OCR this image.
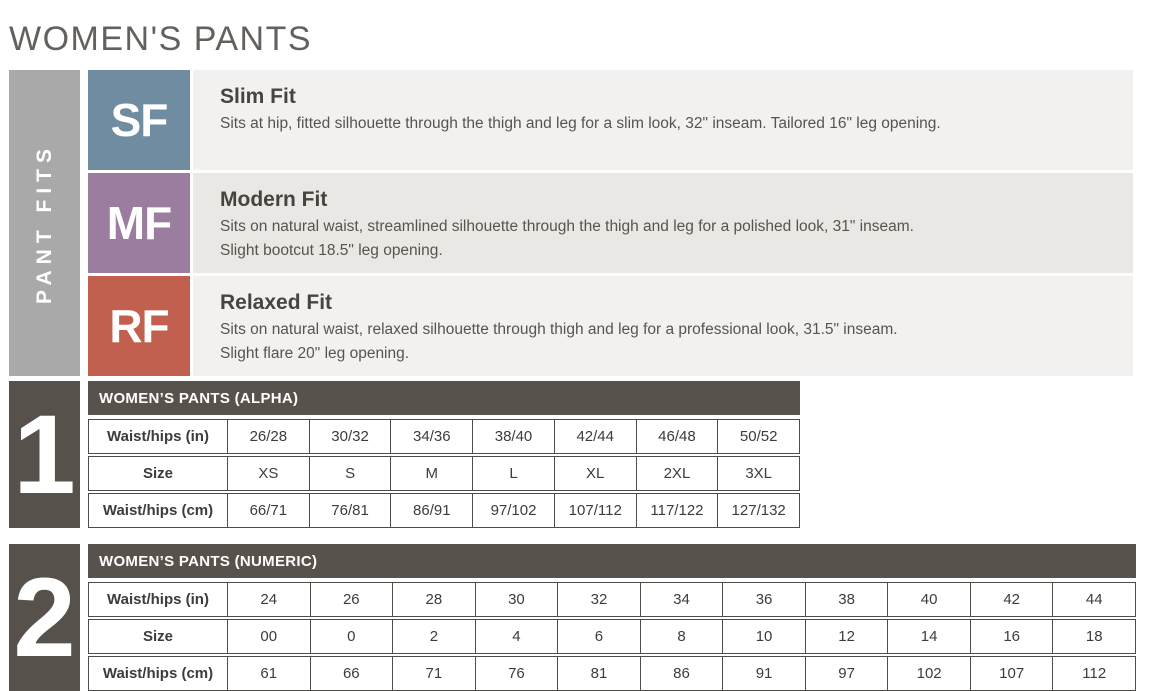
WOMEN'S PANTS
PANT FITS
SF	Slim Fit
Sits at hip, fitted silhouette through the thigh and leg for a slim look, 32" inseam. Tailored 16" leg opening.
MF	Modern Fit
Sits on natural waist, streamlined silhouette through the thigh and leg for a polished look, 31" inseam.
Slight bootcut 18.5" leg opening.
RF	Relaxed Fit
Sits on natural waist, relaxed silhouette through thigh and leg for a professional look, 31.5" inseam.
Slight flare 20" leg opening.
1	WOMEN’S PANTS (ALPHA)
Waist/hips (in)	26/28	30/32	34/36	38/40	42/44	46/48	50/52
Size	XS	S	M	L	XL	2XL	3XL
Waist/hips (cm)	66/71	76/81	86/91	97/102	107/112	117/122	127/132
2	WOMEN’S PANTS (NUMERIC)
Waist/hips (in)	24	26	28	30	32	34	36	38	40	42	44
Size	00	0	2	4	6	8	10	12	14	16	18
Waist/hips (cm)	61	66	71	76	81	86	91	97	102	107	112
